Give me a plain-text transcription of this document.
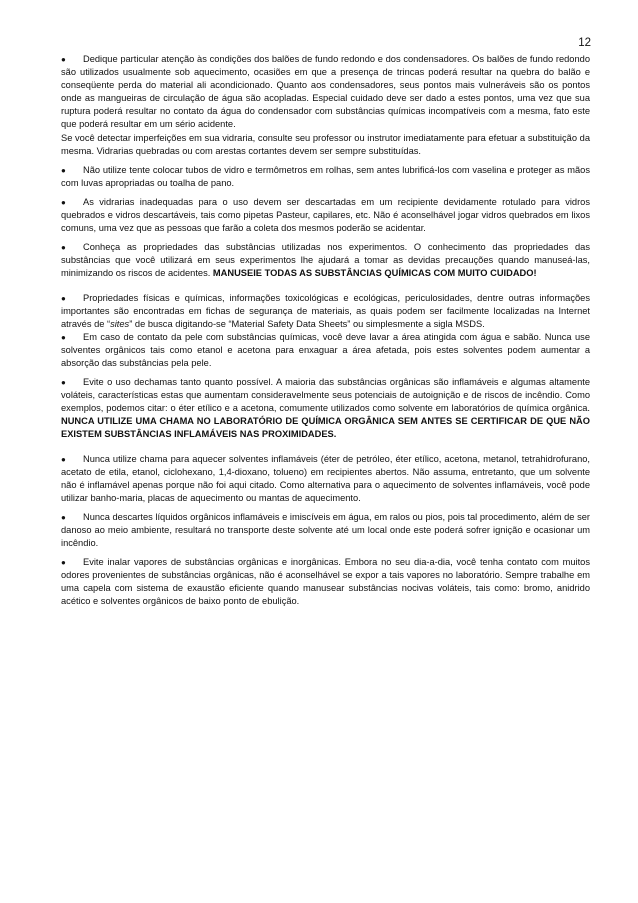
12

● Dedique particular atenção às condições dos balões de fundo redondo e dos condensadores. Os balões de fundo redondo são utilizados usualmente sob aquecimento, ocasiões em que a presença de trincas poderá resultar na quebra do balão e conseqüente perda do material ali acondicionado. Quanto aos condensadores, seus pontos mais vulneráveis são os pontos onde as mangueiras de circulação de água são acopladas. Especial cuidado deve ser dado a estes pontos, uma vez que sua ruptura poderá resultar no contato da água do condensador com substâncias químicas incompatíveis com a mesma, fato este que poderá resultar em um sério acidente.

Se você detectar imperfeições em sua vidraria, consulte seu professor ou instrutor imediatamente para efetuar a substituição da mesma. Vidrarias quebradas ou com arestas cortantes devem ser sempre substituídas.

● Não utilize tente colocar tubos de vidro e termômetros em rolhas, sem antes lubrificá-los com vaselina e proteger as mãos com luvas apropriadas ou toalha de pano.

● As vidrarias inadequadas para o uso devem ser descartadas em um recipiente devidamente rotulado para vidros quebrados e vidros descartáveis, tais como pipetas Pasteur, capilares, etc. Não é aconselhável jogar vidros quebrados em lixos comuns, uma vez que as pessoas que farão a coleta dos mesmos poderão se acidentar.

● Conheça as propriedades das substâncias utilizadas nos experimentos. O conhecimento das propriedades das substâncias que você utilizará em seus experimentos lhe ajudará a tomar as devidas precauções quando manuseá-las, minimizando os riscos de acidentes. MANUSEIE TODAS AS SUBSTÂNCIAS QUÍMICAS COM MUITO CUIDADO!

● Propriedades físicas e químicas, informações toxicológicas e ecológicas, periculosidades, dentre outras informações importantes são encontradas em fichas de segurança de materiais, as quais podem ser facilmente localizadas na Internet através de “sites” de busca digitando-se “Material Safety Data Sheets” ou simplesmente a sigla MSDS.

● Em caso de contato da pele com substâncias químicas, você deve lavar a área atingida com água e sabão. Nunca use solventes orgânicos tais como etanol e acetona para enxaguar a área afetada, pois estes solventes podem aumentar a absorção das substâncias pela pele.

● Evite o uso dechamas tanto quanto possível. A maioria das substâncias orgânicas são inflamáveis e algumas altamente voláteis, características estas que aumentam consideravelmente seus potenciais de autoignição e de riscos de incêndio. Como exemplos, podemos citar: o éter etílico e a acetona, comumente utilizados como solvente em laboratórios de química orgânica. NUNCA UTILIZE UMA CHAMA NO LABORATÓRIO DE QUÍMICA ORGÂNICA SEM ANTES SE CERTIFICAR DE QUE NÃO EXISTEM SUBSTÂNCIAS INFLAMÁVEIS NAS PROXIMIDADES.

● Nunca utilize chama para aquecer solventes inflamáveis (éter de petróleo, éter etílico, acetona, metanol, tetrahidrofurano, acetato de etila, etanol, ciclohexano, 1,4-dioxano, tolueno) em recipientes abertos. Não assuma, entretanto, que um solvente não é inflamável apenas porque não foi aqui citado. Como alternativa para o aquecimento de solventes inflamáveis, você pode utilizar banho-maria, placas de aquecimento ou mantas de aquecimento.

● Nunca descartes líquidos orgânicos inflamáveis e imiscíveis em água, em ralos ou pios, pois tal procedimento, além de ser danoso ao meio ambiente, resultará no transporte deste solvente até um local onde este poderá sofrer ignição e ocasionar um incêndio.

● Evite inalar vapores de substâncias orgânicas e inorgânicas. Embora no seu dia-a-dia, você tenha contato com muitos odores provenientes de substâncias orgânicas, não é aconselhável se expor a tais vapores no laboratório. Sempre trabalhe em uma capela com sistema de exaustão eficiente quando manusear substâncias nocivas voláteis, tais como: bromo, anidrido acético e solventes orgânicos de baixo ponto de ebulição.
